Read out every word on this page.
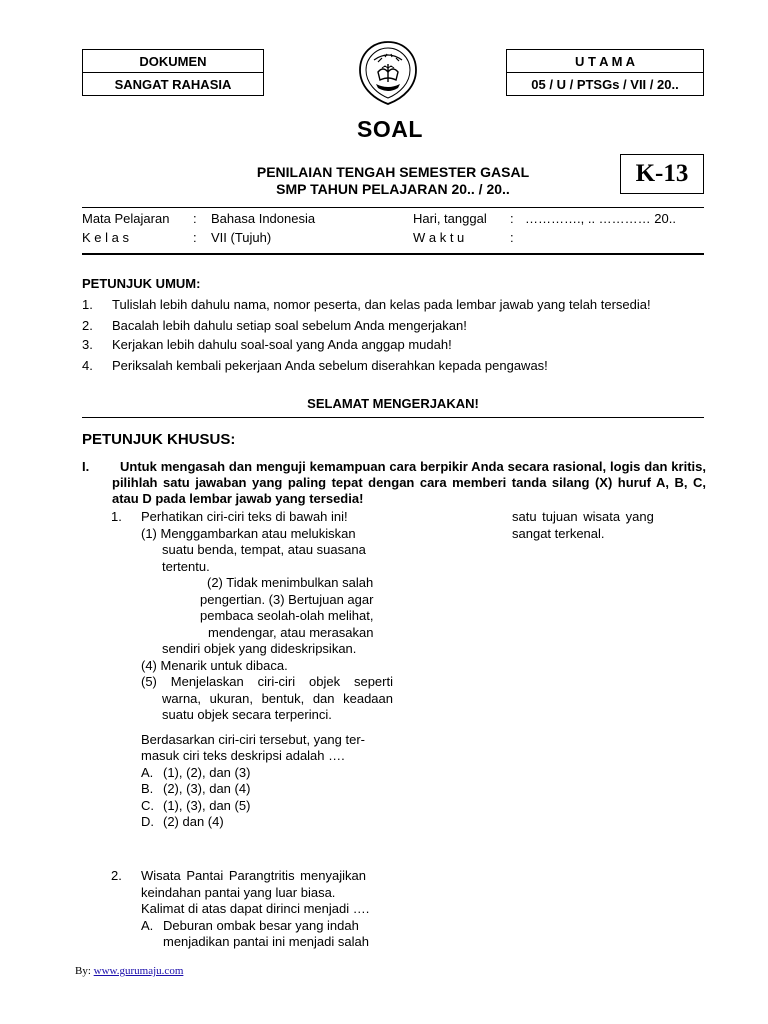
DOKUMEN
SANGAT RAHASIA
U T A M A
05 / U / PTSGs / VII / 20..
SOAL
PENILAIAN TENGAH SEMESTER GASAL
SMP TAHUN PELAJARAN 20.. / 20..
K-13
Mata Pelajaran : Bahasa Indonesia	Hari, tanggal : …………., .. ………… 20..
K e l a s	: VII (Tujuh)	W a k t u	:
PETUNJUK UMUM:
1. Tulislah lebih dahulu nama, nomor peserta, dan kelas pada lembar jawab yang telah tersedia!
2. Bacalah lebih dahulu setiap soal sebelum Anda mengerjakan!
3. Kerjakan lebih dahulu soal-soal yang Anda anggap mudah!
4. Periksalah kembali pekerjaan Anda sebelum diserahkan kepada pengawas!
SELAMAT MENGERJAKAN!
PETUNJUK KHUSUS:
I.	Untuk mengasah dan menguji kemampuan cara berpikir Anda secara rasional, logis dan kritis, pilihlah satu jawaban yang paling tepat dengan cara memberi tanda silang (X) huruf A, B, C, atau D pada lembar jawab yang tersedia!
1. Perhatikan ciri-ciri teks di bawah ini!
(1) Menggambarkan atau melukiskan
suatu benda, tempat, atau suasana
tertentu.
(2) Tidak menimbulkan salah
pengertian. (3) Bertujuan agar
pembaca seolah-olah melihat,
mendengar, atau merasakan
sendiri objek yang dideskripsikan.
(4) Menarik untuk dibaca.
(5) Menjelaskan ciri-ciri objek seperti warna, ukuran, bentuk, dan keadaan suatu objek secara terperinci.
Berdasarkan ciri-ciri tersebut, yang ter-
masuk ciri teks deskripsi adalah ….
A. (1), (2), dan (3)
B. (2), (3), dan (4)
C. (1), (3), dan (5)
D. (2) dan (4)
2. Wisata Pantai Parangtritis menyajikan
keindahan pantai yang luar biasa.
Kalimat di atas dapat dirinci menjadi ….
A. Deburan ombak besar yang indah
menjadikan pantai ini menjadi salah
satu tujuan wisata yang
sangat terkenal.
By: www.gurumaju.com
